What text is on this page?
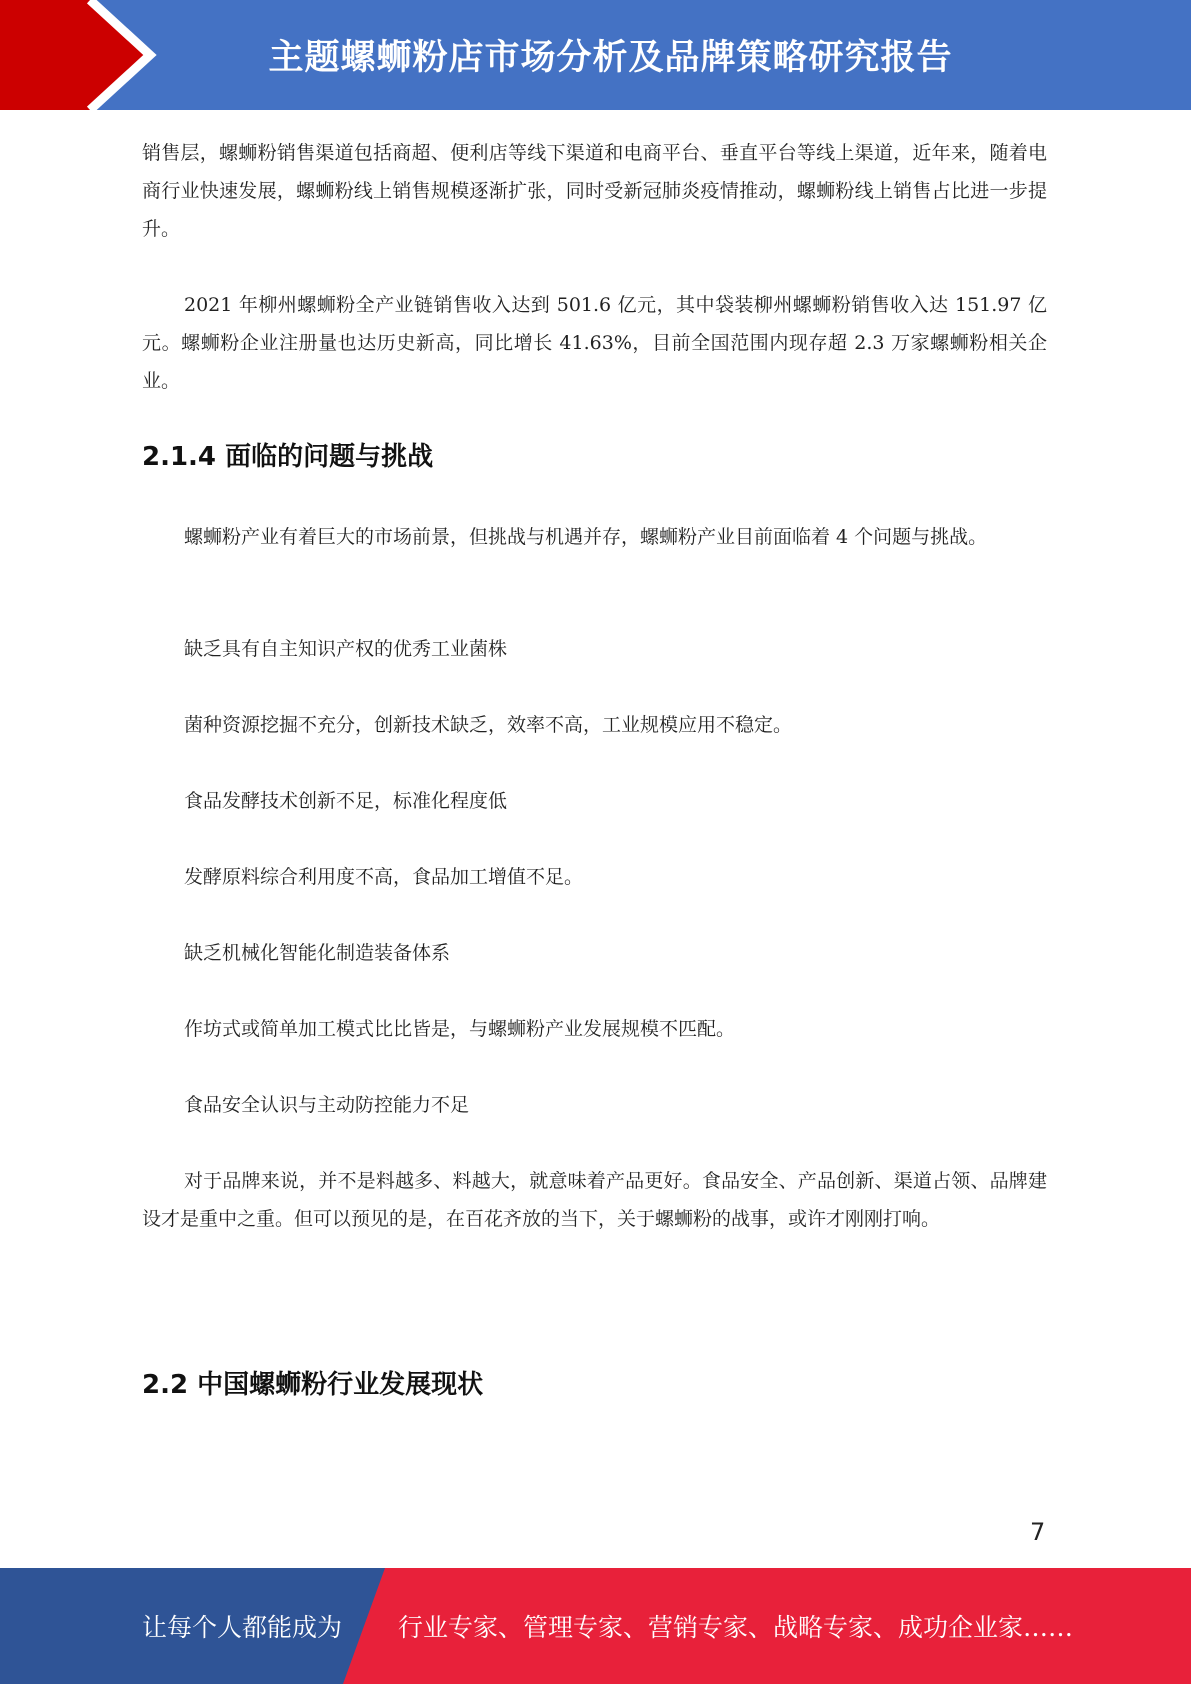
主题螺蛳粉店市场分析及品牌策略研究报告

销售层，螺蛳粉销售渠道包括商超、便利店等线下渠道和电商平台、垂直平台等线上渠道，近年来，随着电商行业快速发展，螺蛳粉线上销售规模逐渐扩张，同时受新冠肺炎疫情推动，螺蛳粉线上销售占比进一步提升。

2021 年柳州螺蛳粉全产业链销售收入达到 501.6 亿元，其中袋装柳州螺蛳粉销售收入达 151.97 亿元。螺蛳粉企业注册量也达历史新高，同比增长 41.63%，目前全国范围内现存超 2.3 万家螺蛳粉相关企业。

2.1.4 面临的问题与挑战

螺蛳粉产业有着巨大的市场前景，但挑战与机遇并存，螺蛳粉产业目前面临着 4 个问题与挑战。

缺乏具有自主知识产权的优秀工业菌株

菌种资源挖掘不充分，创新技术缺乏，效率不高，工业规模应用不稳定。

食品发酵技术创新不足，标准化程度低

发酵原料综合利用度不高，食品加工增值不足。

缺乏机械化智能化制造装备体系

作坊式或简单加工模式比比皆是，与螺蛳粉产业发展规模不匹配。

食品安全认识与主动防控能力不足

对于品牌来说，并不是料越多、料越大，就意味着产品更好。食品安全、产品创新、渠道占领、品牌建设才是重中之重。但可以预见的是，在百花齐放的当下，关于螺蛳粉的战事，或许才刚刚打响。

2.2 中国螺蛳粉行业发展现状
7
让每个人都能成为 行业专家、管理专家、营销专家、战略专家、成功企业家……
